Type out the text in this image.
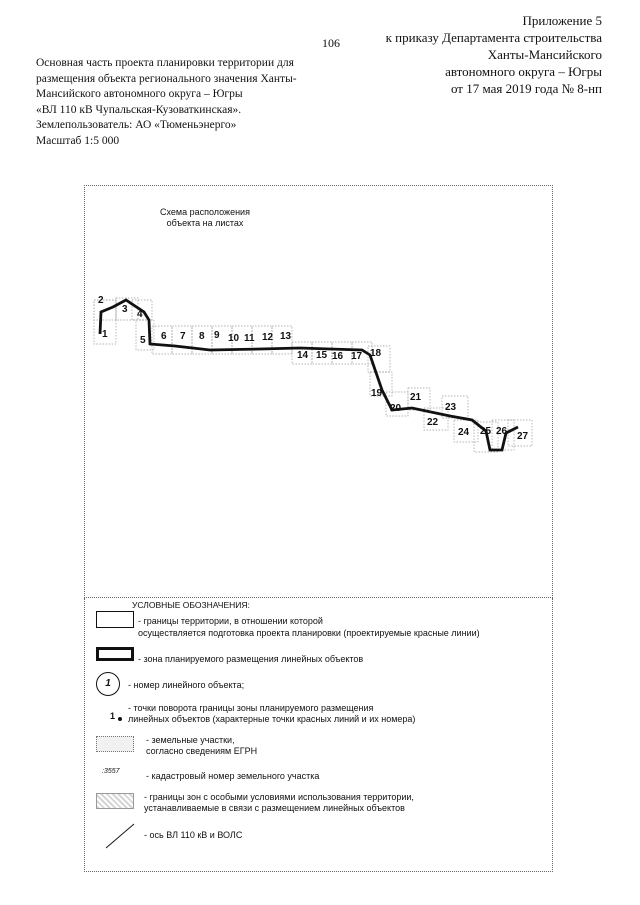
106
Приложение 5
к приказу Департамента строительства
Ханты-Мансийского
автономного округа – Югры
от 17 мая 2019 года № 8-нп
Основная часть проекта планировки территории для
размещения объекта регионального значения Ханты-
Мансийского автономного округа – Югры
«ВЛ 110 кВ Чупальская-Кузоваткинская».
Землепользователь: АО «Тюменьэнерго»
Масштаб 1:5 000
Схема расположения
объекта на листах
1
2
3 4
5 6 7 8 9 10 11 12 13
14 15 16 17 18
19
20
21
22
23
24 25 26 27
УСЛОВНЫЕ ОБОЗНАЧЕНИЯ:
- границы территории, в отношении которой
осуществляется подготовка проекта планировки (проектируемые красные линии)
- зона планируемого размещения линейных объектов
1	- номер линейного объекта;
1
- точки поворота границы зоны планируемого размещения
линейных объектов (характерные точки красных линий и их номера)
- земельные участки,
согласно сведениям ЕГРН
:3557	- кадастровый номер земельного участка
- границы зон с особыми условиями использования территории,
устанавливаемые в связи с размещением линейных объектов
- ось ВЛ 110 кВ и ВОЛС
